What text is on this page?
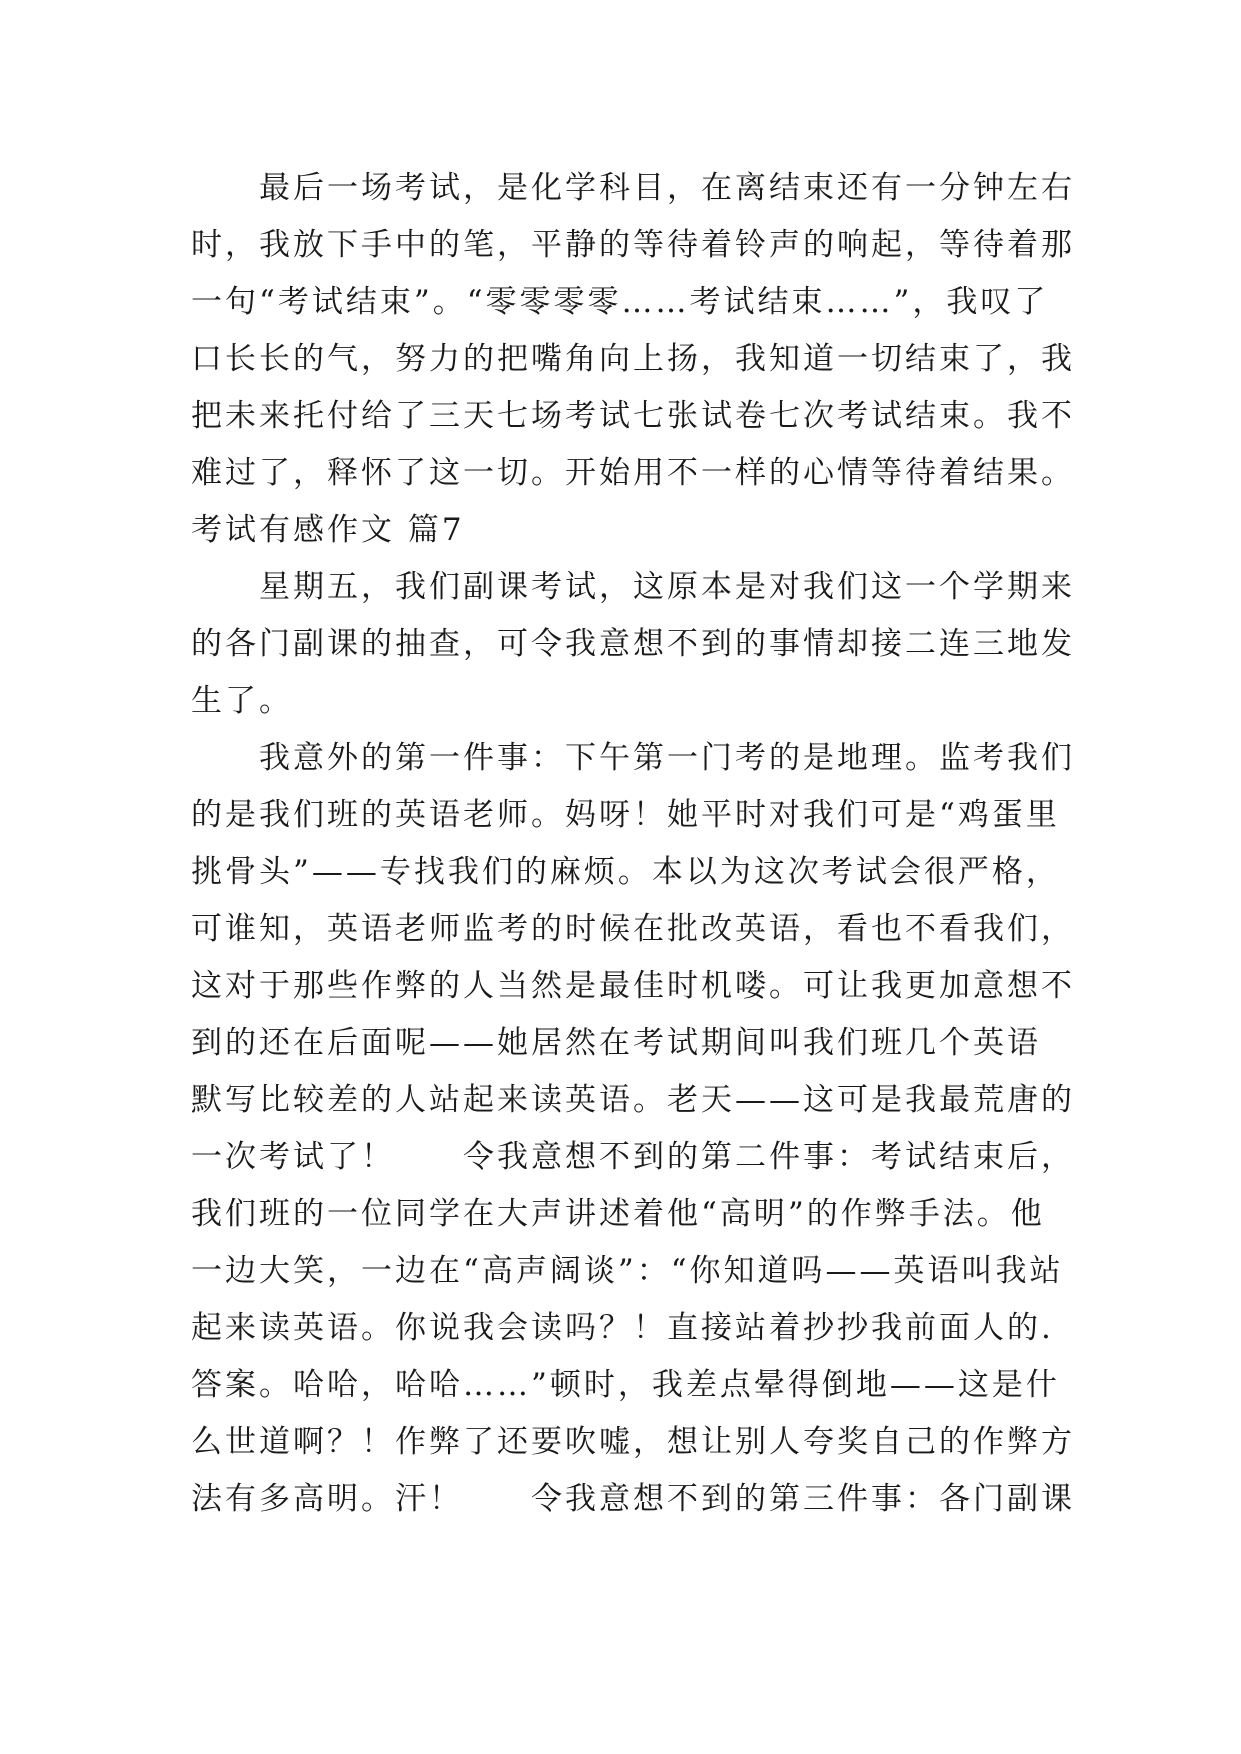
　　最后一场考试，是化学科目，在离结束还有一分钟左右
时，我放下手中的笔，平静的等待着铃声的响起，等待着那
一句“考试结束”。“零零零零……考试结束……”，我叹了
口长长的气，努力的把嘴角向上扬，我知道一切结束了，我
把未来托付给了三天七场考试七张试卷七次考试结束。我不
难过了，释怀了这一切。开始用不一样的心情等待着结果。
考试有感作文 篇7
　　星期五，我们副课考试，这原本是对我们这一个学期来
的各门副课的抽查，可令我意想不到的事情却接二连三地发
生了。
　　我意外的第一件事：下午第一门考的是地理。监考我们
的是我们班的英语老师。妈呀！她平时对我们可是“鸡蛋里
挑骨头”——专找我们的麻烦。本以为这次考试会很严格，
可谁知，英语老师监考的时候在批改英语，看也不看我们，
这对于那些作弊的人当然是最佳时机喽。可让我更加意想不
到的还在后面呢——她居然在考试期间叫我们班几个英语
默写比较差的人站起来读英语。老天——这可是我最荒唐的
一次考试了！　　令我意想不到的第二件事：考试结束后，
我们班的一位同学在大声讲述着他“高明”的作弊手法。他
一边大笑，一边在“高声阔谈”：“你知道吗——英语叫我站
起来读英语。你说我会读吗？！直接站着抄抄我前面人的.
答案。哈哈，哈哈……”顿时，我差点晕得倒地——这是什
么世道啊？！作弊了还要吹嘘，想让别人夸奖自己的作弊方
法有多高明。汗！　　令我意想不到的第三件事：各门副课
